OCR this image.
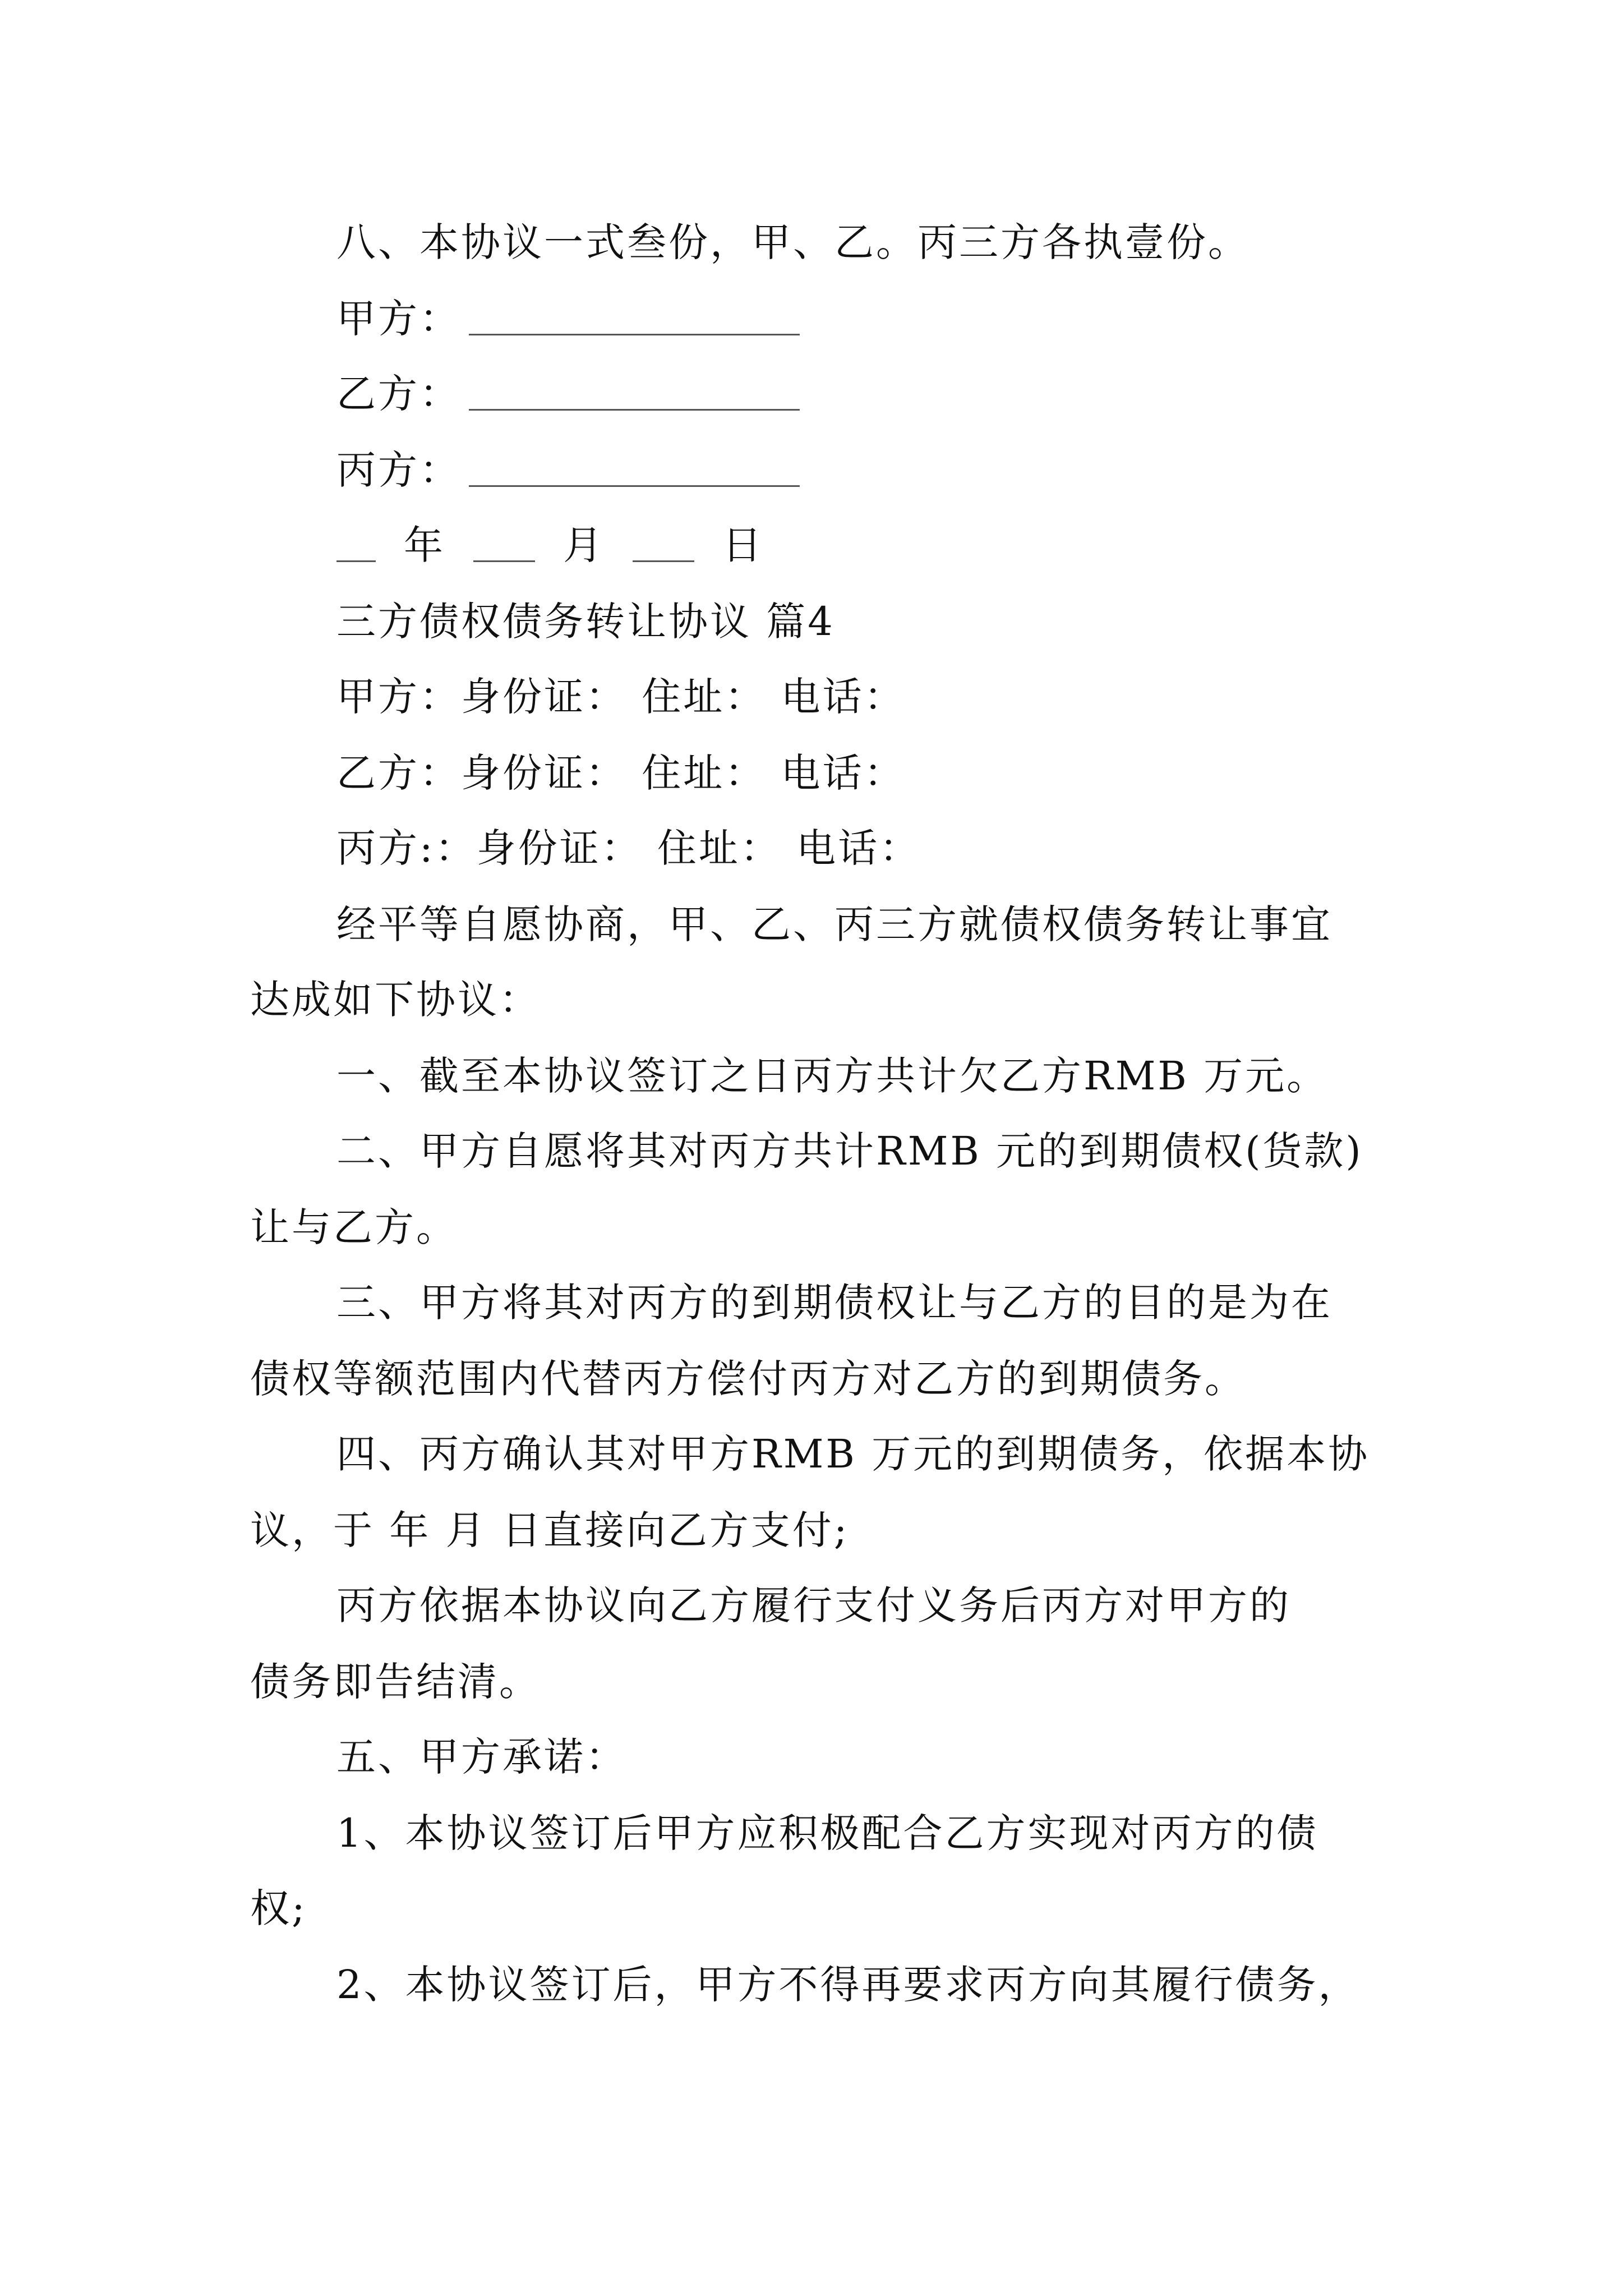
八、本协议一式叁份，甲、乙。丙三方各执壹份。
甲方：
乙方：
丙方：
年	月	日
三方债权债务转让协议 篇4
甲方：身份证： 住址： 电话：
乙方：身份证： 住址： 电话：
丙方:：身份证： 住址： 电话：
经平等自愿协商，甲、乙、丙三方就债权债务转让事宜
达成如下协议：
一、截至本协议签订之日丙方共计欠乙方RMB 万元。
二、甲方自愿将其对丙方共计RMB 元的到期债权(货款)
让与乙方。
三、甲方将其对丙方的到期债权让与乙方的目的是为在
债权等额范围内代替丙方偿付丙方对乙方的到期债务。
四、丙方确认其对甲方RMB 万元的到期债务，依据本协
议，于 年 月 日直接向乙方支付;
丙方依据本协议向乙方履行支付义务后丙方对甲方的
债务即告结清。
五、甲方承诺：
1、本协议签订后甲方应积极配合乙方实现对丙方的债
权;
2、本协议签订后，甲方不得再要求丙方向其履行债务，
